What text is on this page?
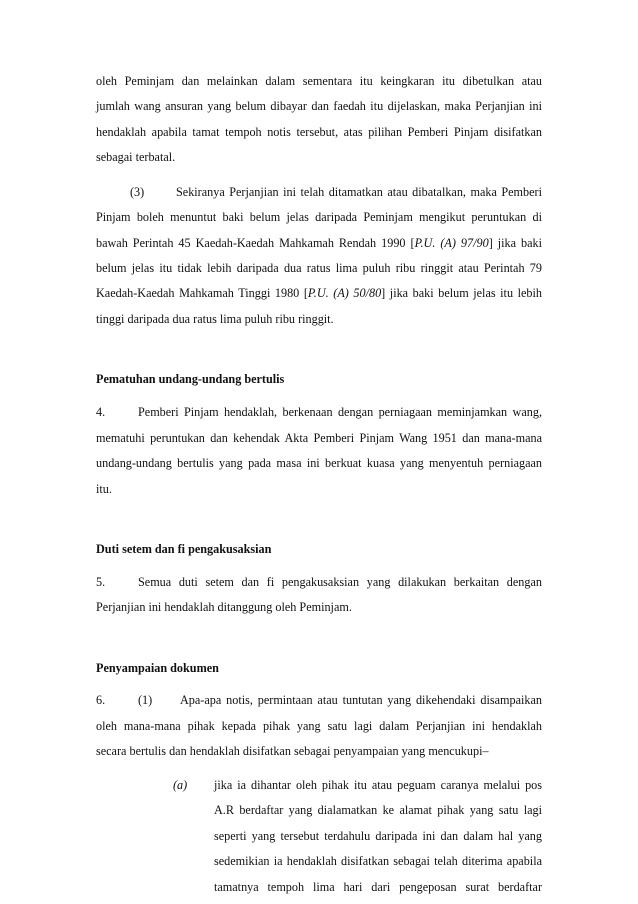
oleh Peminjam dan melainkan dalam sementara itu keingkaran itu dibetulkan atau
jumlah wang ansuran yang belum dibayar dan faedah itu dijelaskan, maka Perjanjian ini
hendaklah apabila tamat tempoh notis tersebut, atas pilihan Pemberi Pinjam disifatkan
sebagai terbatal.
(3)	Sekiranya Perjanjian ini telah ditamatkan atau dibatalkan, maka Pemberi
Pinjam boleh menuntut baki belum jelas daripada Peminjam mengikut peruntukan di
bawah Perintah 45 Kaedah-Kaedah Mahkamah Rendah 1990 [P.U. (A) 97/90] jika baki
belum jelas itu tidak lebih daripada dua ratus lima puluh ribu ringgit atau Perintah 79
Kaedah-Kaedah Mahkamah Tinggi 1980 [P.U. (A) 50/80] jika baki belum jelas itu lebih
tinggi daripada dua ratus lima puluh ribu ringgit.
Pematuhan undang-undang bertulis
4.	Pemberi Pinjam hendaklah, berkenaan dengan perniagaan meminjamkan wang,
mematuhi peruntukan dan kehendak Akta Pemberi Pinjam Wang 1951 dan mana-mana
undang-undang bertulis yang pada masa ini berkuat kuasa yang menyentuh perniagaan
itu.
Duti setem dan fi pengakusaksian
5.	Semua duti setem dan fi pengakusaksian yang dilakukan berkaitan dengan
Perjanjian ini hendaklah ditanggung oleh Peminjam.
Penyampaian dokumen
6.	(1) Apa-apa notis, permintaan atau tuntutan yang dikehendaki disampaikan
oleh mana-mana pihak kepada pihak yang satu lagi dalam Perjanjian ini hendaklah
secara bertulis dan hendaklah disifatkan sebagai penyampaian yang mencukupi–
(a) jika ia dihantar oleh pihak itu atau peguam caranya melalui pos
A.R berdaftar yang dialamatkan ke alamat pihak yang satu lagi
seperti yang tersebut terdahulu daripada ini dan dalam hal yang
sedemikian ia hendaklah disifatkan sebagai telah diterima apabila
tamatnya tempoh lima hari dari pengeposan surat berdaftar
